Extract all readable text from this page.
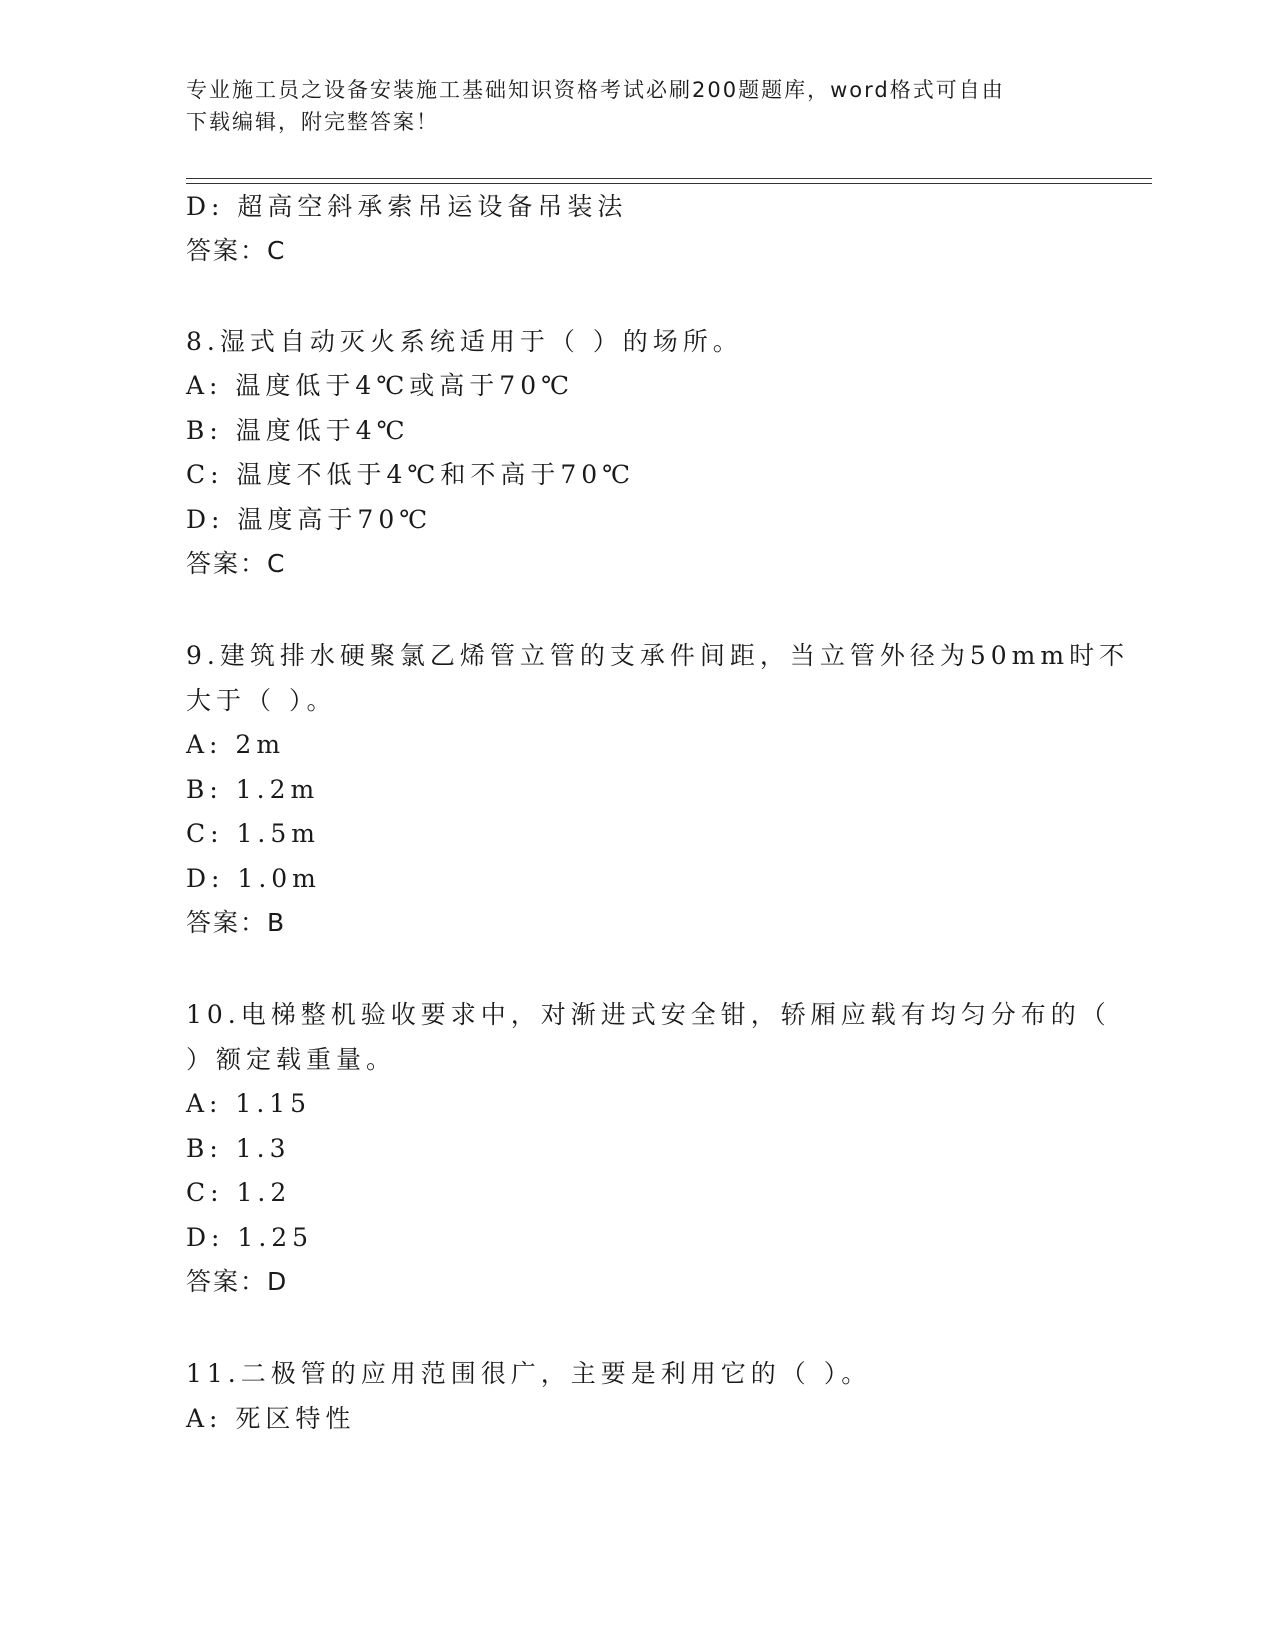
专业施工员之设备安装施工基础知识资格考试必刷200题题库，word格式可自由
下载编辑，附完整答案！
D: 超高空斜承索吊运设备吊装法
答案：C
8.湿式自动灭火系统适用于（ ）的场所。
A: 温度低于4℃或高于70℃
B: 温度低于4℃
C: 温度不低于4℃和不高于70℃
D: 温度高于70℃
答案：C
9.建筑排水硬聚氯乙烯管立管的支承件间距，当立管外径为50mm时不
大于（ ）。
A: 2m
B: 1.2m
C: 1.5m
D: 1.0m
答案：B
10.电梯整机验收要求中，对渐进式安全钳，轿厢应载有均匀分布的（
）额定载重量。
A: 1.15
B: 1.3
C: 1.2
D: 1.25
答案：D
11.二极管的应用范围很广，主要是利用它的（ ）。
A: 死区特性
